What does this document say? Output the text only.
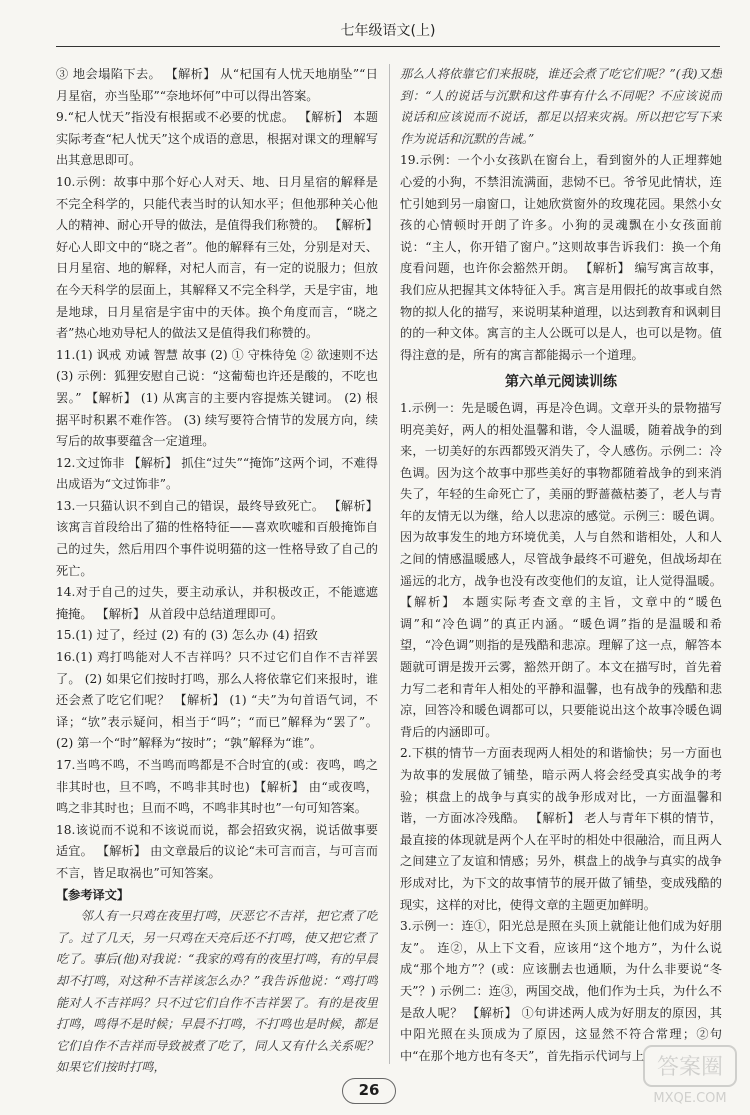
七年级语文(上)

③ 地会塌陷下去。 【解析】 从“杞国有人忧天地崩坠”“日月星宿，亦当坠耶”“奈地坏何”中可以得出答案。

9.“杞人忧天”指没有根据或不必要的忧虑。 【解析】 本题实际考查“杞人忧天”这个成语的意思，根据对课文的理解写出其意思即可。

10.示例：故事中那个好心人对天、地、日月星宿的解释是不完全科学的，只能代表当时的认知水平；但他那种关心他人的精神、耐心开导的做法，是值得我们称赞的。 【解析】 好心人即文中的“晓之者”。他的解释有三处，分别是对天、日月星宿、地的解释，对杞人而言，有一定的说服力；但放在今天科学的层面上，其解释又不完全科学，天是宇宙，地是地球，日月星宿是宇宙中的天体。换个角度而言，“晓之者”热心地劝导杞人的做法又是值得我们称赞的。

11.(1) 讽戒 劝诫 智慧 故事 (2) ① 守株待兔 ② 欲速则不达 (3) 示例：狐狸安慰自己说：“这葡萄也许还是酸的，不吃也罢。” 【解析】 (1) 从寓言的主要内容提炼关键词。 (2) 根据平时积累不难作答。 (3) 续写要符合情节的发展方向，续写后的故事要蕴含一定道理。

12.文过饰非 【解析】 抓住“过失”“掩饰”这两个词，不难得出成语为“文过饰非”。

13.一只猫认识不到自己的错误，最终导致死亡。 【解析】 该寓言首段给出了猫的性格特征——喜欢吹嘘和百般掩饰自己的过失，然后用四个事件说明猫的这一性格导致了自己的死亡。

14.对于自己的过失，要主动承认，并积极改正，不能遮遮掩掩。 【解析】 从首段中总结道理即可。

15.(1) 过了，经过 (2) 有的 (3) 怎么办 (4) 招致

16.(1) 鸡打鸣能对人不吉祥吗？只不过它们自作不吉祥罢了。 (2) 如果它们按时打鸣，那么人将依靠它们来报时，谁还会煮了吃它们呢？ 【解析】 (1) “夫”为句首语气词，不译；“欤”表示疑问，相当于“吗”；“而已”解释为“罢了”。 (2) 第一个“时”解释为“按时”；“孰”解释为“谁”。

17.当鸣不鸣，不当鸣而鸣都是不合时宜的(或：夜鸣，鸣之非其时也，旦不鸣，不鸣非其时也) 【解析】 由“或夜鸣，鸣之非其时也；旦而不鸣，不鸣非其时也”一句可知答案。

18.该说而不说和不该说而说，都会招致灾祸，说话做事要适宜。 【解析】 由文章最后的议论“未可言而言，与可言而不言，皆足取祸也”可知答案。

【参考译文】

邻人有一只鸡在夜里打鸣，厌恶它不吉祥，把它煮了吃了。过了几天，另一只鸡在天亮后还不打鸣，使又把它煮了吃了。事后(他)对我说：“我家的鸡有的夜里打鸣，有的早晨却不打鸣，对这种不吉祥该怎么办？”我告诉他说：“鸡打鸣能对人不吉祥吗？只不过它们自作不吉祥罢了。有的是夜里打鸣，鸣得不是时候；早晨不打鸣，不打鸣也是时候，都是它们自作不吉祥而导致被煮了吃了，同人又有什么关系呢？如果它们按时打鸣，

那么人将依靠它们来报晓，谁还会煮了吃它们呢？”(我)又想到：“人的说话与沉默和这件事有什么不同呢？不应该说而说话和应该说而不说话，都足以招来灾祸。所以把它写下来作为说话和沉默的告诫。”

19.示例：一个小女孩趴在窗台上，看到窗外的人正埋葬她心爱的小狗，不禁泪流满面，悲恸不已。爷爷见此情状，连忙引她到另一扇窗口，让她欣赏窗外的玫瑰花园。果然小女孩的心情顿时开朗了许多。小狗的灵魂飘在小女孩面前说：“主人，你开错了窗户。”这则故事告诉我们：换一个角度看问题，也许你会豁然开朗。 【解析】 编写寓言故事，我们应从把握其文体特征入手。寓言是用假托的故事或自然物的拟人化的描写，来说明某种道理，以达到教育和讽刺目的的一种文体。寓言的主人公既可以是人，也可以是物。值得注意的是，所有的寓言都能揭示一个道理。

第六单元阅读训练

1.示例一：先是暖色调，再是冷色调。文章开头的景物描写明亮美好，两人的相处温馨和谐，令人温暖，随着战争的到来，一切美好的东西都毁灭消失了，令人感伤。示例二：冷色调。因为这个故事中那些美好的事物都随着战争的到来消失了，年轻的生命死亡了，美丽的野蔷薇枯萎了，老人与青年的友情无以为继，给人以悲凉的感觉。示例三：暖色调。因为故事发生的地方环境优美，人与自然和谐相处，人和人之间的情感温暖感人，尽管战争最终不可避免，但战场却在遥远的北方，战争也没有改变他们的友谊，让人觉得温暖。 【解析】 本题实际考查文章的主旨，文章中的“暖色调”和“冷色调”的真正内涵。“暖色调”指的是温暖和希望，“冷色调”则指的是残酷和悲凉。理解了这一点，解答本题就可谓是拨开云雾，豁然开朗了。本文在描写时，首先着力写二老和青年人相处的平静和温馨，也有战争的残酷和悲凉，回答冷和暖色调都可以，只要能说出这个故事冷暖色调背后的内涵即可。

2.下棋的情节一方面表现两人相处的和谐愉快；另一方面也为故事的发展做了铺垫，暗示两人将会经受真实战争的考验；棋盘上的战争与真实的战争形成对比，一方面温馨和谐，一方面冰冷残酷。 【解析】 老人与青年下棋的情节，最直接的体现就是两个人在平时的相处中很融洽，而且两人之间建立了友谊和情感；另外，棋盘上的战争与真实的战争形成对比，为下文的故事情节的展开做了铺垫，变成残酷的现实，这样的对比，使得文章的主题更加鲜明。

3.示例一：连①，阳光总是照在头顶上就能让他们成为好朋友”。 连②，从上下文看，应该用“这个地方”，为什么说成“那个地方”？(或：应该删去也通顺，为什么非要说“冬天”？) 示例二：连③，两国交战，他们作为士兵，为什么不是敌人呢？ 【解析】 ①句讲述两人成为好朋友的原因，其中阳光照在头顶成为了原因，这显然不符合常理；②句中“在那个地方也有冬天”，首先指示代词与上

26
答案圈
MXQE.COM
